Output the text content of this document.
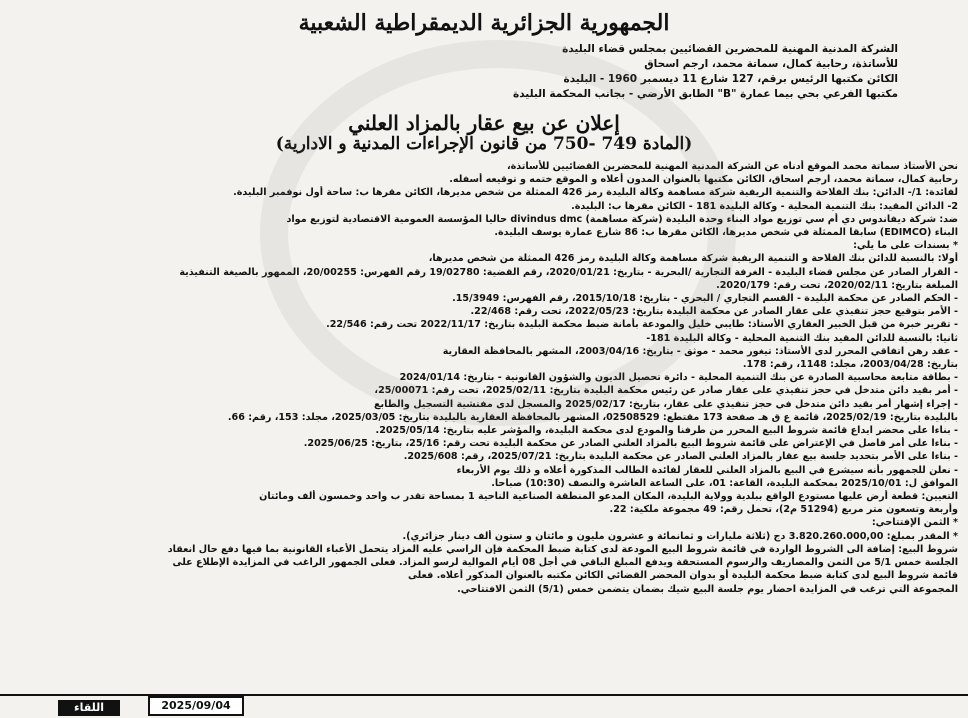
الجمهورية الجزائرية الديمقراطية الشعبية
الشركة المدنية المهنية للمحضرين القضائيين بمجلس قضاء البليدة
للأساتذة، رحابية كمال، سماتة محمد، ارجم اسحاق
الكائن مكتبها الرئيس برقم، 127 شارع 11 ديسمبر 1960 - البليدة
مكتبها الفرعي بحي بيما عمارة "B" الطابق الأرضي - بجانب المحكمة البليدة
إعلان عن بيع عقار بالمزاد العلني
(المادة 749 -750 من قانون الإجراءات المدنية و الادارية)

نحن الأستاذ سماتة محمد الموقع أدناه عن الشركة المدنية المهنية للمحضرين القضائيين للأساتذة،

رحابية كمال، سماتة محمد، ارجم اسحاق، الكائن مكتبها بالعنوان المدون أعلاه و الموقع ختمه و توقيعه أسفله.

لفائدة: 1/- الدائن: بنك الفلاحة والتنمية الريفية شركة مساهمة وكالة البليدة رمز 426 الممثلة من شخص مديرها، الكائن مقرها ب: ساحة أول نوفمبر البليدة.

2- الدائن المقيد: بنك التنمية المحلية - وكالة البليدة 181 - الكائن مقرها ب: البليدة.

ضد: شركة ديفاندوس دي أم سي توزيع مواد البناء وحدة البليدة (شركة مساهمة) divindus dmc حاليا المؤسسة العمومية الاقتصادية لتوزيع مواد

البناء (EDIMCO) سابقا الممثلة في شخص مديرها، الكائن مقرها ب: 86 شارع عمارة يوسف البليدة.

* بسندات على ما يلي:

أولا: بالنسبة للدائن بنك الفلاحة و التنمية الريفية شركة مساهمة وكالة البليدة رمز 426 الممثلة من شخص مديرها،

- القرار الصادر عن مجلس قضاء البليدة - الغرفة التجارية /البحرية - بتاريخ: 2020/01/21، رقم القضية: 19/02780 رقم الفهرس: 20/00255، الممهور بالصيغة التنفيذية

المبلغة بتاريخ: 2020/02/11، تحت رقم: 2020/179.

- الحكم الصادر عن محكمة البليدة - القسم التجاري / البحري - بتاريخ: 2015/10/18، رقم الفهرس: 15/3949.

- الأمر بتوقيع حجز تنفيذي على عقار الصادر عن محكمة البليدة بتاريخ: 2022/05/23، تحت رقم: 22/468.

- تقرير خبرة من قبل الخبير العقاري الأستاذ: طايبي خليل والمودعة بأمانة ضبط محكمة البليدة بتاريخ: 2022/11/17 تحت رقم: 22/546.

ثانيا: بالنسبة للدائن المقيد بنك التنمية المحلية - وكالة البليدة 181-

- عقد رهن اتفاقي المحرر لدى الأستاذ: تيغور محمد - موثق - بتاريخ: 2003/04/16، المشهر بالمحافظة العقارية

بتاريخ: 2003/04/28، مجلد: 1148، رقم: 178.

- بطاقة متابعة محاسبية الصادرة عن بنك التنمية المحلية - دائرة تحصيل الديون والشؤون القانونية - بتاريخ: 2024/01/14

- أمر بقيد دائن متدخل في حجز تنفيذي على عقار صادر عن رئيس محكمة البليدة بتاريخ: 2025/02/11، تحت رقم: 25/00071،

- إجراء إشهار أمر بقيد دائن متدخل في حجز تنفيذي على عقار، بتاريخ: 2025/02/17 والمسجل لدى مفتشية التسجيل والطابع

بالبليدة بتاريخ: 2025/02/19، قائمة ع ق هـ صفحة 173 مقتطع: 02508529، المشهر بالمحافظة العقارية بالبليدة بتاريخ: 2025/03/05، مجلد: 153، رقم: 66.

- بناءا على محضر ايداع قائمة شروط البيع المحرر من طرفنا والمودع لدى محكمة البليدة، والمؤشر عليه بتاريخ: 2025/05/14.

- بناءا على أمر فاصل في الإعتراض على قائمة شروط البيع بالمزاد العلني الصادر عن محكمة البليدة تحت رقم: 25/16، بتاريخ: 2025/06/25.

- بناءا على الأمر بتحديد جلسة بيع عقار بالمزاد العلني الصادر عن محكمة البليدة بتاريخ: 2025/07/21، رقم: 2025/608.

- نعلن للجمهور بأنه سيشرع في البيع بالمزاد العلني للعقار لفائدة الطالب المذكورة أعلاه و ذلك يوم الأربعاء

الموافق ل: 2025/10/01 بمحكمة البليدة، القاعة: 01، على الساعة العاشرة والنصف (10:30) صباحا.

التعيين: قطعة أرض عليها مستودع الواقع ببلدية وولاية البليدة، المكان المدعو المنطقة الصناعية الناحية 1 بمساحة تقدر ب واحد وخمسون ألف ومائتان

وأربعة وتسعون متر مربع (51294 م2)، تحمل رقم: 49 مجموعة ملكية: 22.

* الثمن الإفتتاحي:

* المقدر بمبلغ: 3.820.260.000,00 دج (ثلاثة مليارات و ثمانمائة و عشرون مليون و مائتان و ستون ألف دينار جزائري).

شروط البيع: إضافة الى الشروط الواردة في قائمة شروط البيع المودعة لدى كتابة ضبط المحكمة فإن الراسي عليه المزاد يتحمل الأعباء القانونية بما فيها دفع حال انعقاد

الجلسة خمس 5/1 من الثمن والمصاريف والرسوم المستحقة ويدفع المبلغ الباقي في أجل 08 أيام الموالية لرسو المزاد. فعلى الجمهور الراغب في المزايدة الإطلاع على

قائمة شروط البيع لدى كتابة ضبط محكمة البليدة أو بدوان المحضر القضائي الكائن مكتبه بالعنوان المذكور أعلاه. فعلى

المجموعة التي ترغب في المزايدة احضار يوم جلسة البيع شيك بضمان يتضمن خمس (5/1) الثمن الافتتاحي.

2025/09/04
اللقاء
